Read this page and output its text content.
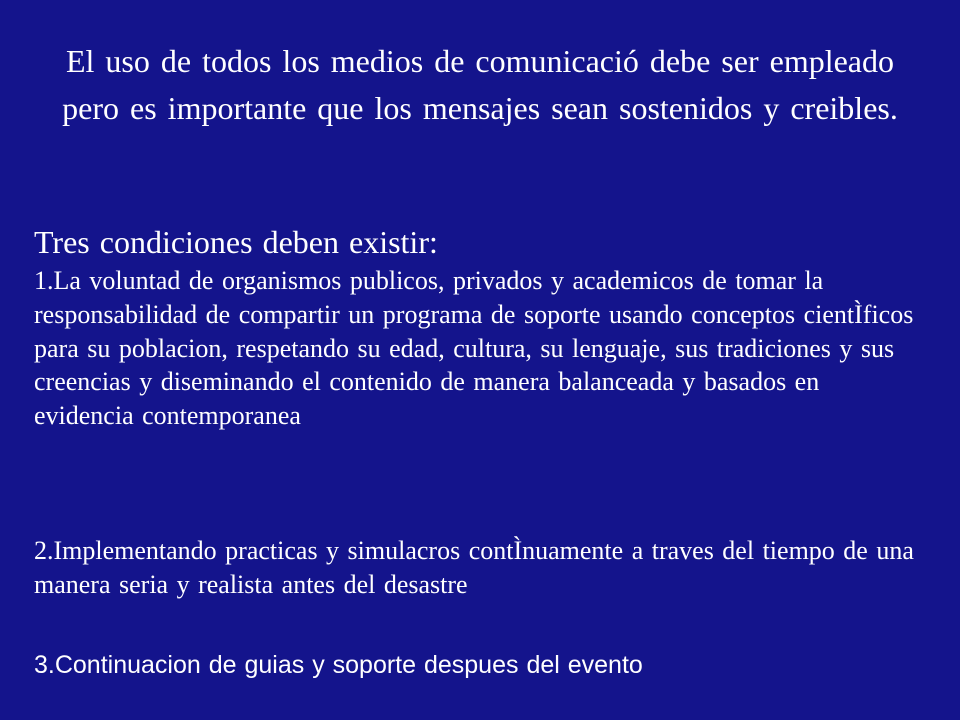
El uso de todos los medios de comunicació debe ser empleado pero es importante que los mensajes sean sostenidos y creibles.
Tres condiciones deben existir:
1.La voluntad de organismos publicos, privados y academicos de tomar la responsabilidad de compartir un programa de soporte usando conceptos cientÌficos para su poblacion, respetando su edad, cultura, su lenguaje, sus tradiciones y sus creencias y diseminando el contenido de manera balanceada y basados en evidencia contemporanea
2.Implementando practicas y simulacros contÌnuamente a traves del tiempo de una manera seria y realista antes del desastre
3.Continuacion de guias y soporte despues del evento
